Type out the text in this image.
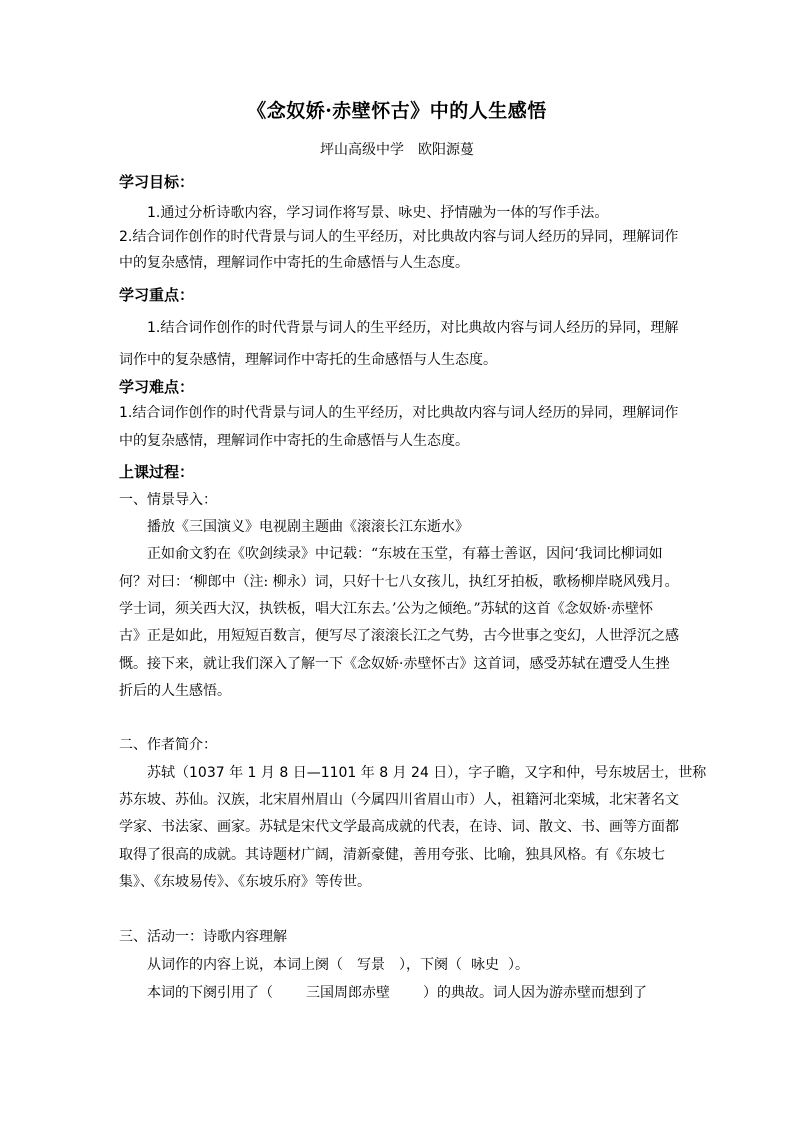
《念奴娇·赤壁怀古》中的人生感悟
坪山高级中学 欧阳源蔓
学习目标：
1.通过分析诗歌内容，学习词作将写景、咏史、抒情融为一体的写作手法。
2.结合词作创作的时代背景与词人的生平经历，对比典故内容与词人经历的异同，理解词作
中的复杂感情，理解词作中寄托的生命感悟与人生态度。
学习重点：
1.结合词作创作的时代背景与词人的生平经历，对比典故内容与词人经历的异同，理解
词作中的复杂感情，理解词作中寄托的生命感悟与人生态度。
学习难点：
1.结合词作创作的时代背景与词人的生平经历，对比典故内容与词人经历的异同，理解词作
中的复杂感情，理解词作中寄托的生命感悟与人生态度。
上课过程：
一、情景导入：
播放《三国演义》电视剧主题曲《滚滚长江东逝水》
正如俞文豹在《吹剑续录》中记载：“东坡在玉堂，有幕士善讴，因问‘我词比柳词如
何？对曰：‘柳郎中（注: 柳永）词，只好十七八女孩儿，执红牙拍板，歌杨柳岸晓风残月。
学士词，须关西大汉，执铁板，唱大江东去。’公为之倾绝。”苏轼的这首《念奴娇·赤壁怀
古》正是如此，用短短百数言，便写尽了滚滚长江之气势，古今世事之变幻，人世浮沉之感
慨。接下来，就让我们深入了解一下《念奴娇·赤壁怀古》这首词，感受苏轼在遭受人生挫
折后的人生感悟。
二、作者简介：
苏轼（1037 年 1 月 8 日—1101 年 8 月 24 日），字子瞻，又字和仲，号东坡居士，世称
苏东坡、苏仙。汉族，北宋眉州眉山（今属四川省眉山市）人，祖籍河北栾城，北宋著名文
学家、书法家、画家。苏轼是宋代文学最高成就的代表，在诗、词、散文、书、画等方面都
取得了很高的成就。其诗题材广阔，清新豪健，善用夸张、比喻，独具风格。有《东坡七
集》、《东坡易传》、《东坡乐府》等传世。
三、活动一：诗歌内容理解
从词作的内容上说，本词上阕（ 写景 ），下阕（ 咏史 ）。
本词的下阕引用了（ 三国周郎赤壁 ）的典故。词人因为游赤壁而想到了
